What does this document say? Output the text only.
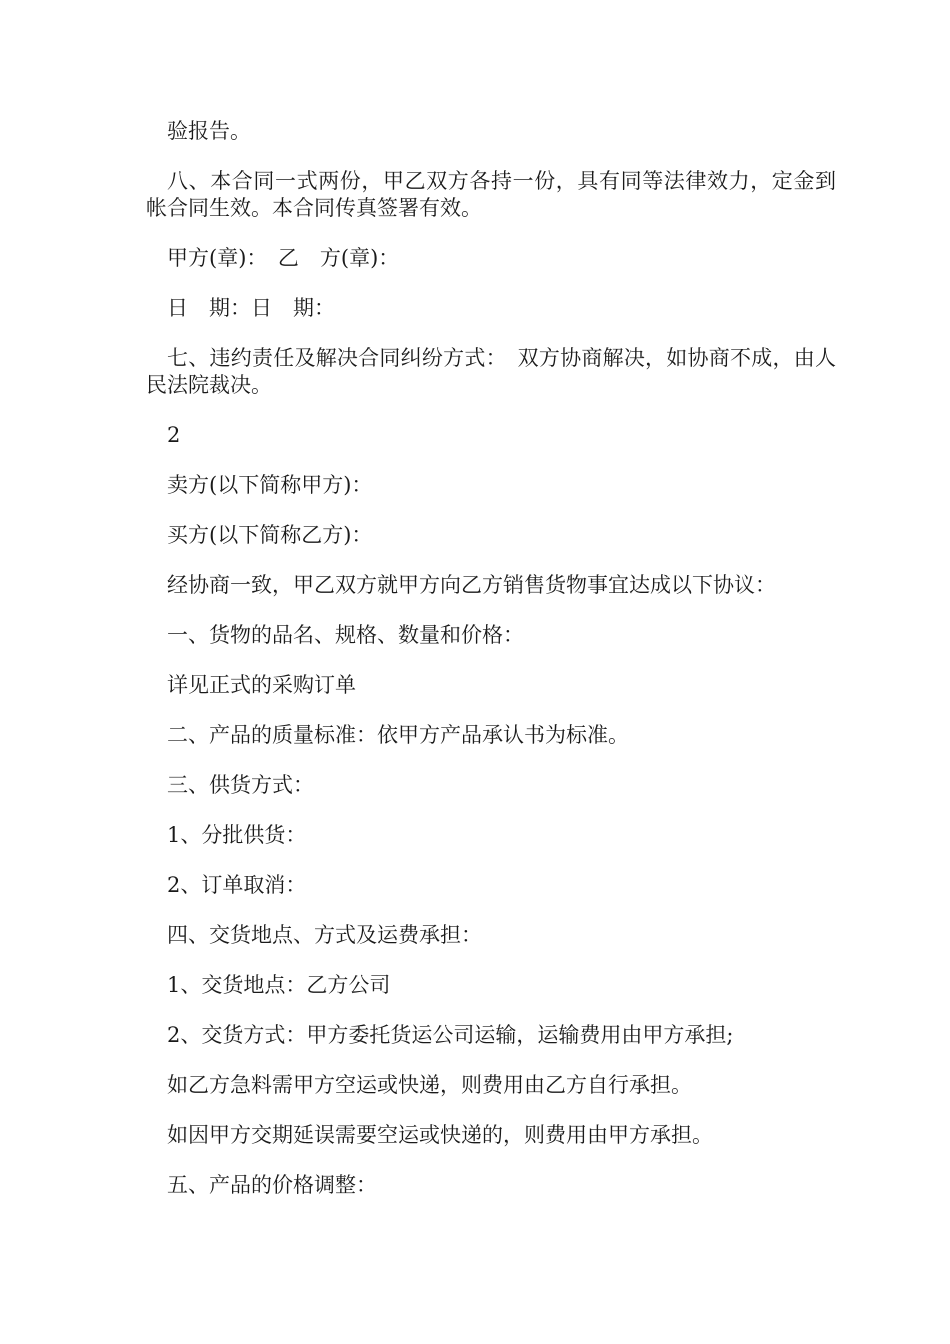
验报告。

八、本合同一式两份，甲乙双方各持一份，具有同等法律效力，定金到帐合同生效。本合同传真签署有效。

甲方(章)：　乙　方(章)：

日　期：日　期：

七、违约责任及解决合同纠纷方式：　双方协商解决，如协商不成，由人民法院裁决。

2

卖方(以下简称甲方)：

买方(以下简称乙方)：

经协商一致，甲乙双方就甲方向乙方销售货物事宜达成以下协议：

一、货物的品名、规格、数量和价格：

详见正式的采购订单

二、产品的质量标准：依甲方产品承认书为标准。

三、供货方式：

1、分批供货：

2、订单取消：

四、交货地点、方式及运费承担：

1、交货地点：乙方公司

2、交货方式：甲方委托货运公司运输，运输费用由甲方承担;

如乙方急料需甲方空运或快递，则费用由乙方自行承担。

如因甲方交期延误需要空运或快递的，则费用由甲方承担。

五、产品的价格调整：
